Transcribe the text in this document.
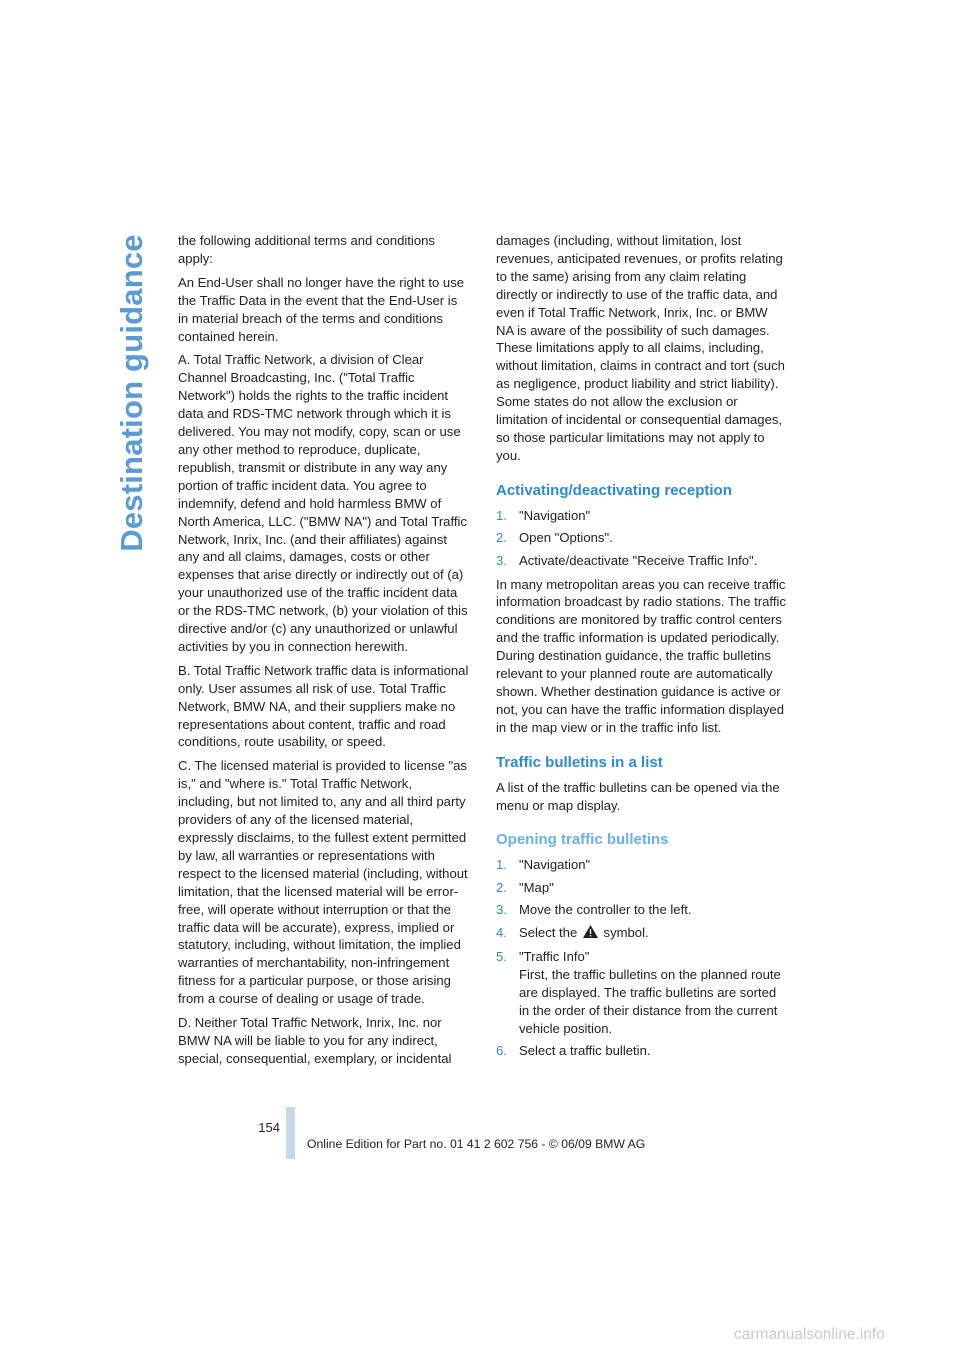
Destination guidance the following additional terms and conditions apply:

An End-User shall no longer have the right to use the Traffic Data in the event that the End-User is in material breach of the terms and conditions contained herein.

A. Total Traffic Network, a division of Clear Channel Broadcasting, Inc. ("Total Traffic Network") holds the rights to the traffic incident data and RDS-TMC network through which it is delivered. You may not modify, copy, scan or use any other method to reproduce, duplicate, republish, transmit or distribute in any way any portion of traffic incident data. You agree to indemnify, defend and hold harmless BMW of North America, LLC. ("BMW NA") and Total Traffic Network, Inrix, Inc. (and their affiliates) against any and all claims, damages, costs or other expenses that arise directly or indirectly out of (a) your unauthorized use of the traffic incident data or the RDS-TMC network, (b) your violation of this directive and/or (c) any unauthorized or unlawful activities by you in connection herewith.

B. Total Traffic Network traffic data is informational only. User assumes all risk of use. Total Traffic Network, BMW NA, and their suppliers make no representations about content, traffic and road conditions, route usability, or speed.

C. The licensed material is provided to license "as is," and "where is." Total Traffic Network, including, but not limited to, any and all third party providers of any of the licensed material, expressly disclaims, to the fullest extent permitted by law, all warranties or representations with respect to the licensed material (including, without limitation, that the licensed material will be error-free, will operate without interruption or that the traffic data will be accurate), express, implied or statutory, including, without limitation, the implied warranties of merchantability, non-infringement fitness for a particular purpose, or those arising from a course of dealing or usage of trade.

D. Neither Total Traffic Network, Inrix, Inc. nor BMW NA will be liable to you for any indirect, special, consequential, exemplary, or incidental

damages (including, without limitation, lost revenues, anticipated revenues, or profits relating to the same) arising from any claim relating directly or indirectly to use of the traffic data, and even if Total Traffic Network, Inrix, Inc. or BMW NA is aware of the possibility of such damages. These limitations apply to all claims, including, without limitation, claims in contract and tort (such as negligence, product liability and strict liability). Some states do not allow the exclusion or limitation of incidental or consequential damages, so those particular limitations may not apply to you.

Activating/deactivating reception
1. "Navigation"
2. Open "Options".
3. Activate/deactivate "Receive Traffic Info".

In many metropolitan areas you can receive traffic information broadcast by radio stations. The traffic conditions are monitored by traffic control centers and the traffic information is updated periodically.

During destination guidance, the traffic bulletins relevant to your planned route are automatically shown. Whether destination guidance is active or not, you can have the traffic information displayed in the map view or in the traffic info list.

Traffic bulletins in a list

A list of the traffic bulletins can be opened via the menu or map display.

Opening traffic bulletins
1. "Navigation"
2. "Map"
3. Move the controller to the left.
4. Select the symbol.
5. "Traffic Info"
First, the traffic bulletins on the planned route are displayed. The traffic bulletins are sorted in the order of their distance from the current vehicle position.
6. Select a traffic bulletin.
154
Online Edition for Part no. 01 41 2 602 756 - © 06/09 BMW AG
carmanualsonline.info
